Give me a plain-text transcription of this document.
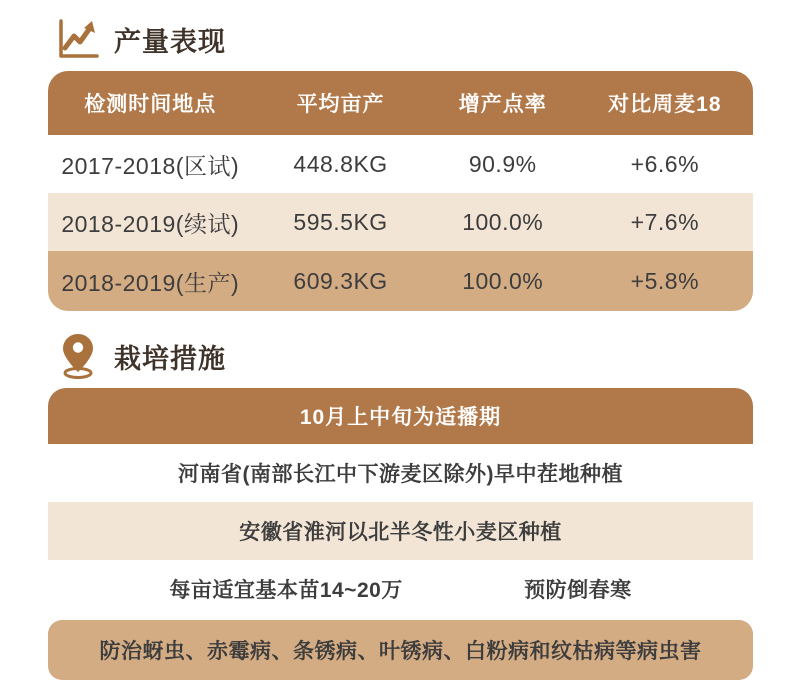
产量表现
检测时间地点	平均亩产	增产点率	对比周麦18
2017-2018(区试)	448.8KG	90.9%	+6.6%
2018-2019(续试)	595.5KG	100.0%	+7.6%
2018-2019(生产)	609.3KG	100.0%	+5.8%
栽培措施
10月上中旬为适播期
河南省(南部长江中下游麦区除外)早中茬地种植
安徽省淮河以北半冬性小麦区种植
每亩适宜基本苗14~20万	预防倒春寒
防治蚜虫、赤霉病、条锈病、叶锈病、白粉病和纹枯病等病虫害
